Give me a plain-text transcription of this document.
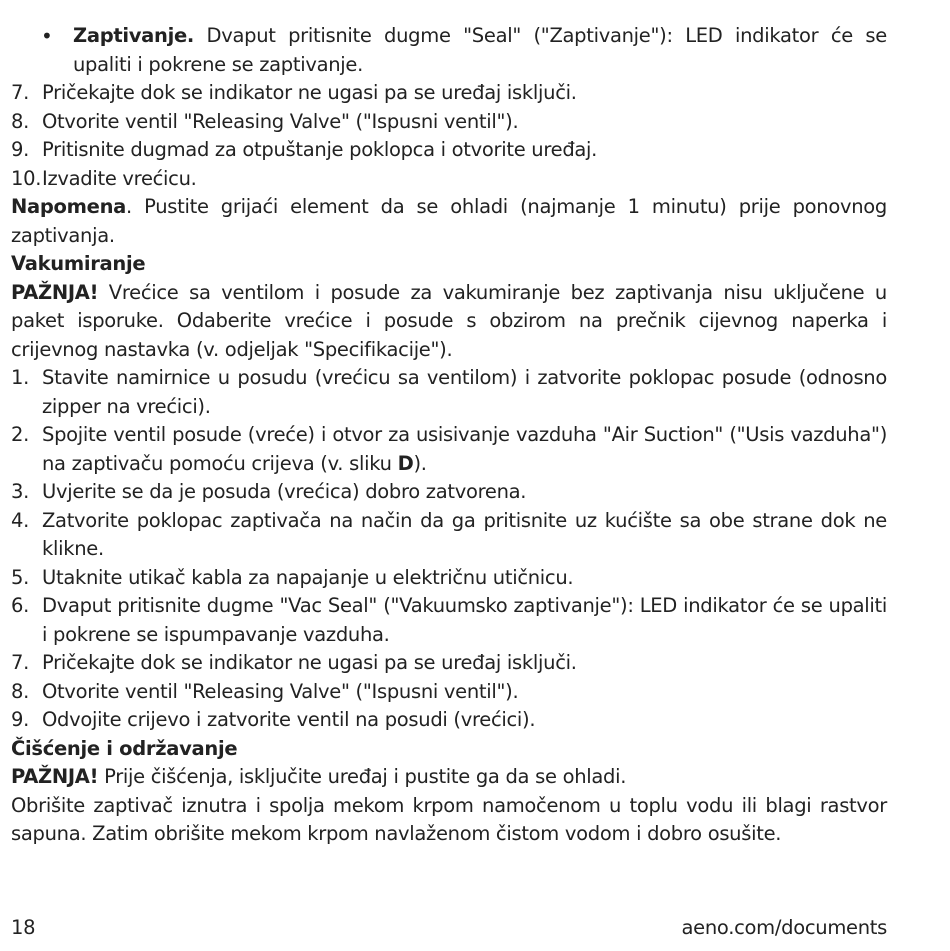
•	Zaptivanje. Dvaput pritisnite dugme "Seal" ("Zaptivanje"): LED indikator će se upaliti i pokrene se zaptivanje.
7. Pričekajte dok se indikator ne ugasi pa se uređaj isključi.
8. Otvorite ventil "Releasing Valve" ("Ispusni ventil").
9. Pritisnite dugmad za otpuštanje poklopca i otvorite uređaj.
10. Izvadite vrećicu.

Napomena. Pustite grijaći element da se ohladi (najmanje 1 minutu) prije ponovnog zaptivanja.

Vakumiranje

PAŽNJA! Vrećice sa ventilom i posude za vakumiranje bez zaptivanja nisu uključene u paket isporuke. Odaberite vrećice i posude s obzirom na prečnik cijevnog naperka i crijevnog nastavka (v. odjeljak "Specifikacije").

1. Stavite namirnice u posudu (vrećicu sa ventilom) i zatvorite poklopac posude (odnosno zipper na vrećici).
2. Spojite ventil posude (vreće) i otvor za usisivanje vazduha "Air Suction" ("Usis vazduha") na zaptivaču pomoću crijeva (v. sliku D).
3. Uvjerite se da je posuda (vrećica) dobro zatvorena.
4. Zatvorite poklopac zaptivača na način da ga pritisnite uz kućište sa obe strane dok ne klikne.
5. Utaknite utikač kabla za napajanje u električnu utičnicu.
6. Dvaput pritisnite dugme "Vac Seal" ("Vakuumsko zaptivanje"): LED indikator će se upaliti i pokrene se ispumpavanje vazduha.
7. Pričekajte dok se indikator ne ugasi pa se uređaj isključi.
8. Otvorite ventil "Releasing Valve" ("Ispusni ventil").
9. Odvojite crijevo i zatvorite ventil na posudi (vrećici).

Čišćenje i održavanje

PAŽNJA! Prije čišćenja, isključite uređaj i pustite ga da se ohladi.

Obrišite zaptivač iznutra i spolja mekom krpom namočenom u toplu vodu ili blagi rastvor sapuna. Zatim obrišite mekom krpom navlaženom čistom vodom i dobro osušite.

18	aeno.com/documents
